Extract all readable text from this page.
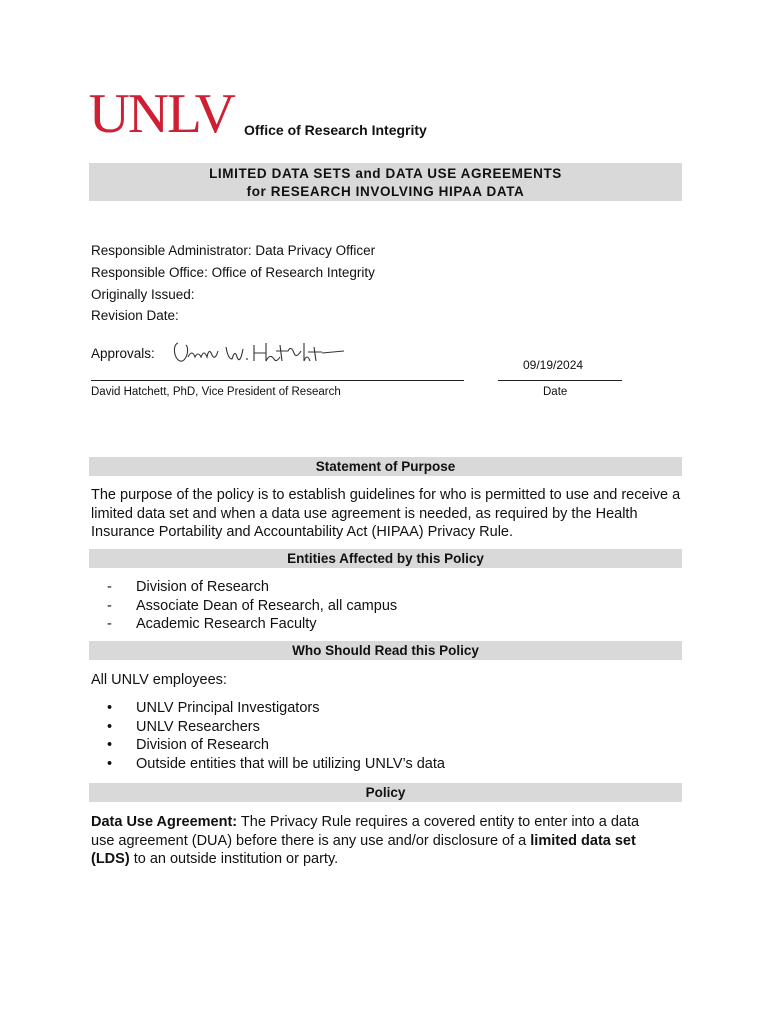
UNLV Office of Research Integrity
LIMITED DATA SETS and DATA USE AGREEMENTS
for RESEARCH INVOLVING HIPAA DATA
Responsible Administrator: Data Privacy Officer
Responsible Office: Office of Research Integrity
Originally Issued:
Revision Date:
Approvals:
09/19/2024
David Hatchett, PhD, Vice President of Research	Date
Statement of Purpose
The purpose of the policy is to establish guidelines for who is permitted to use and receive a limited data set and when a data use agreement is needed, as required by the Health Insurance Portability and Accountability Act (HIPAA) Privacy Rule.
Entities Affected by this Policy
-	Division of Research
-	Associate Dean of Research, all campus
-	Academic Research Faculty
Who Should Read this Policy
All UNLV employees:
•	UNLV Principal Investigators
•	UNLV Researchers
•	Division of Research
•	Outside entities that will be utilizing UNLV’s data
Policy
Data Use Agreement: The Privacy Rule requires a covered entity to enter into a data use agreement (DUA) before there is any use and/or disclosure of a limited data set (LDS) to an outside institution or party.
